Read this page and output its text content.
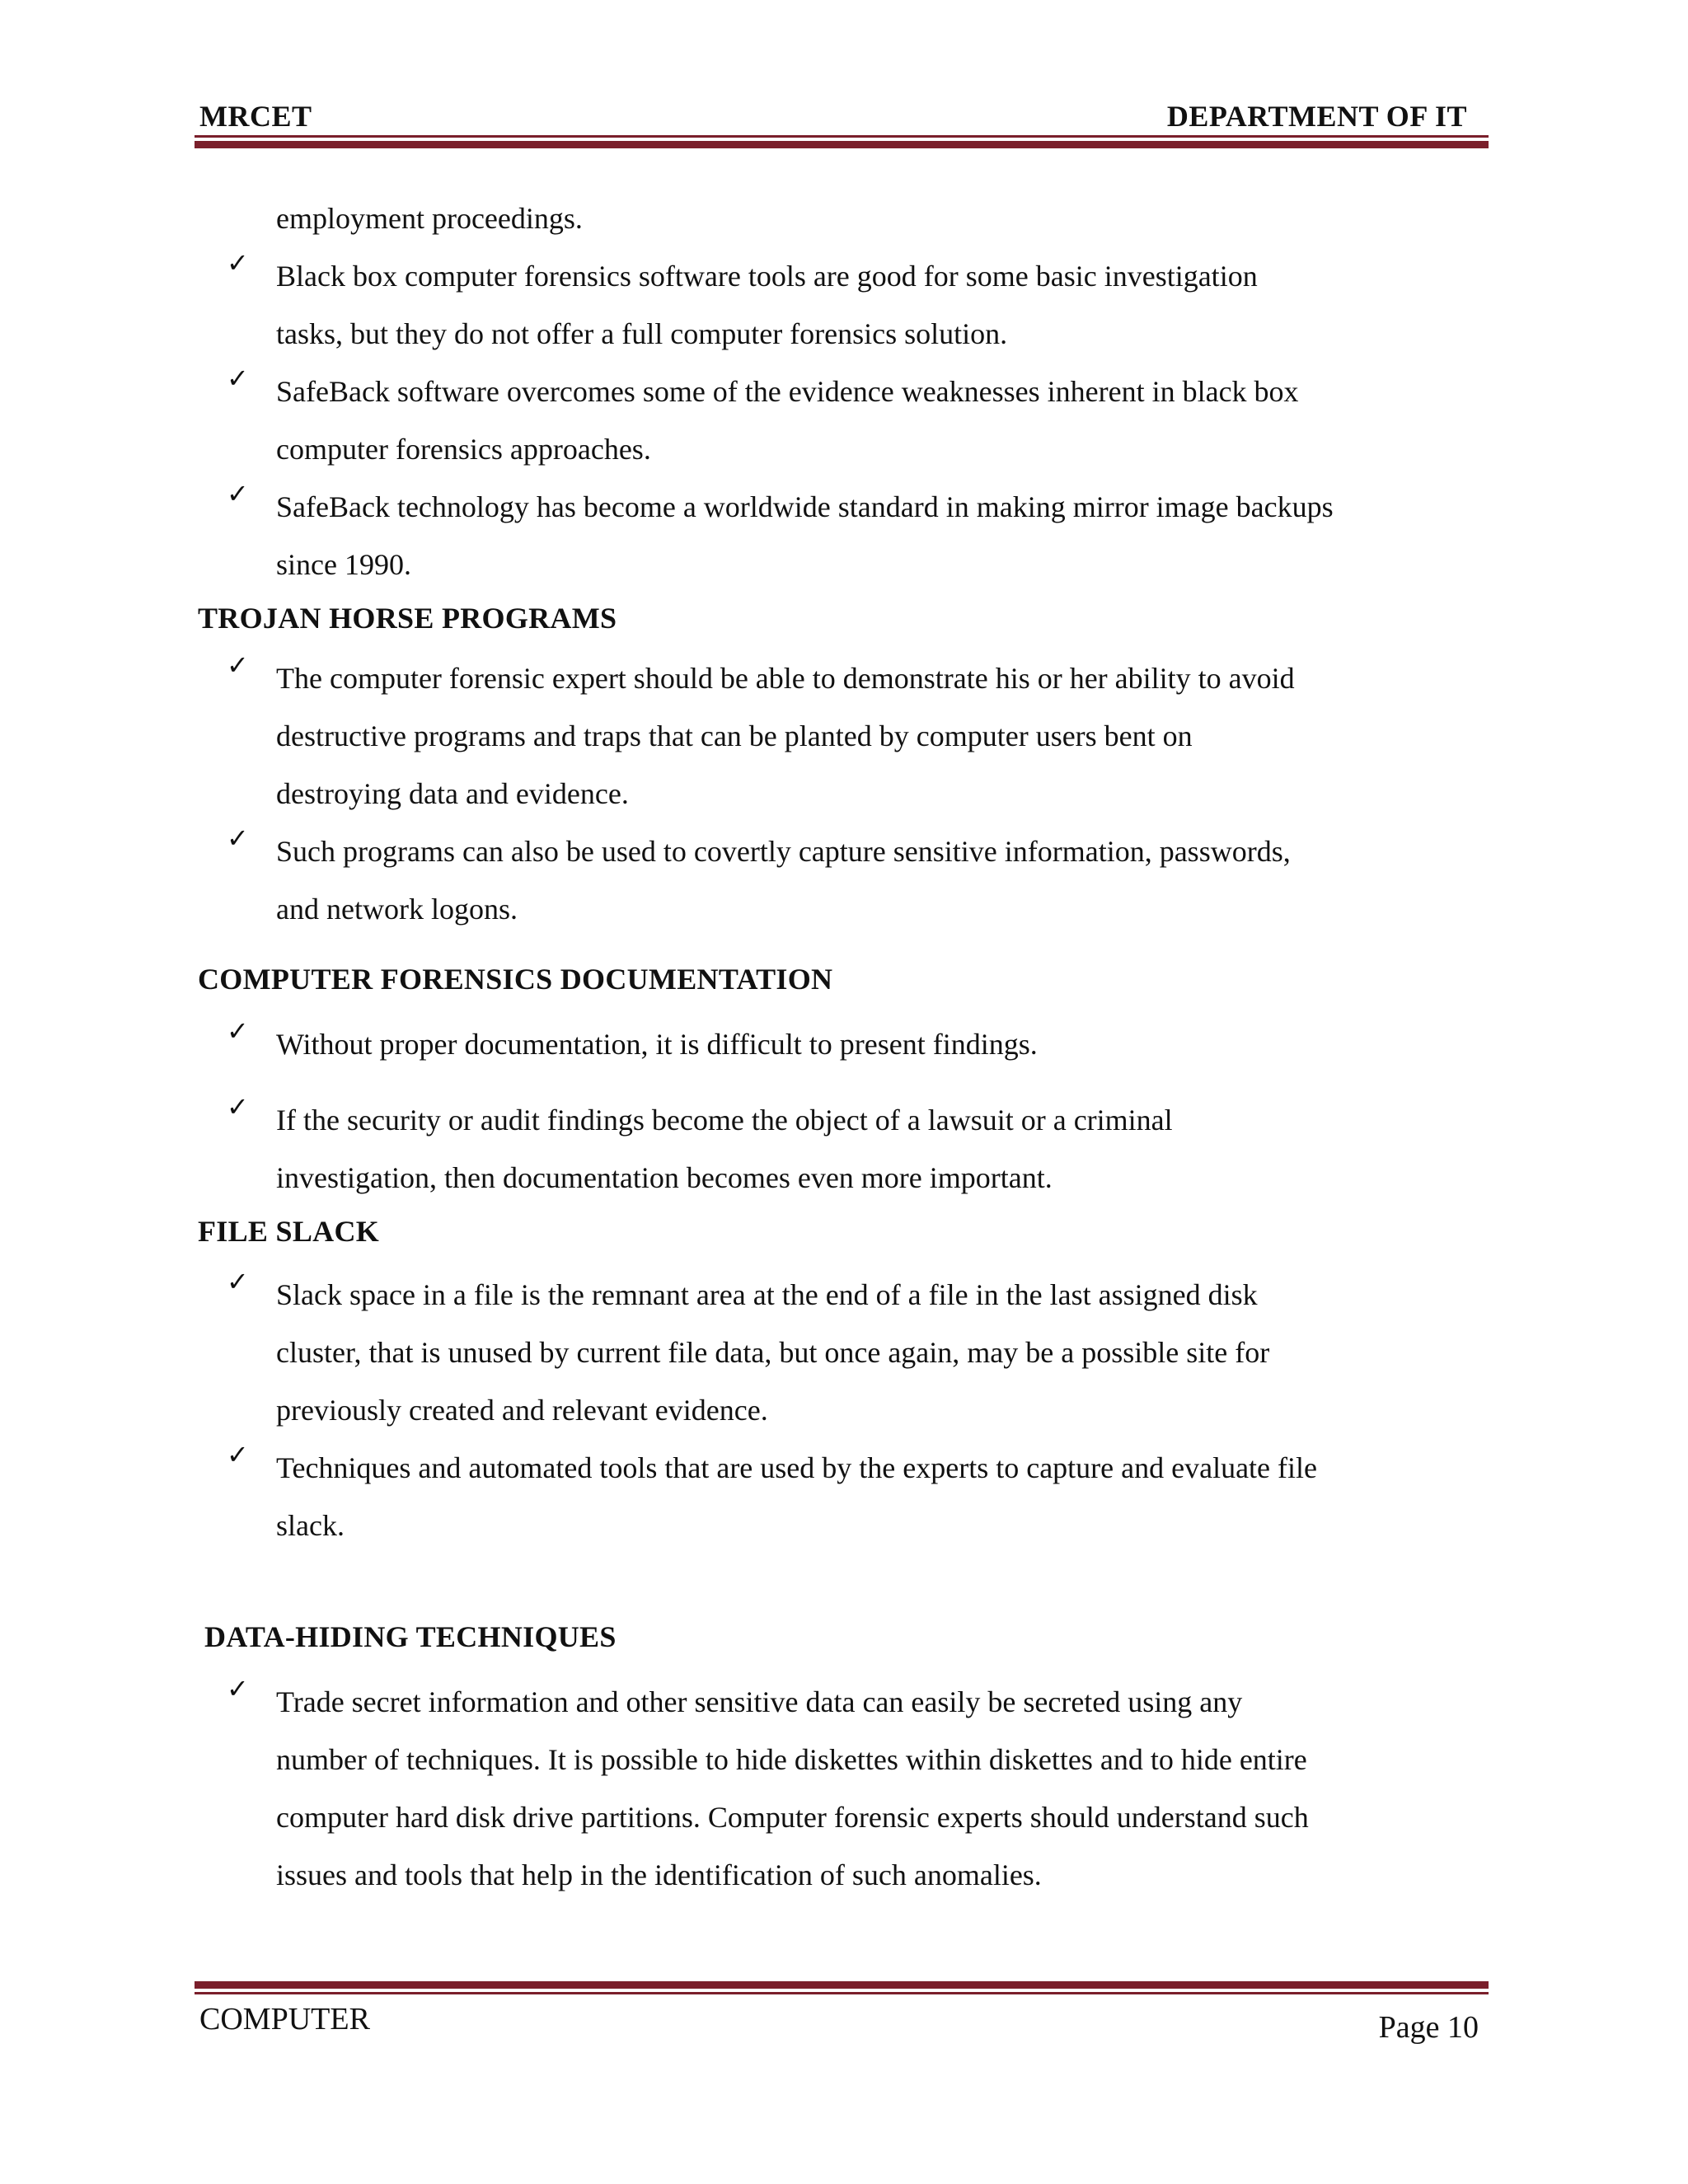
MRCET	DEPARTMENT OF IT
employment proceedings.
✓ Black box computer forensics software tools are good for some basic investigation
tasks, but they do not offer a full computer forensics solution.
✓ SafeBack software overcomes some of the evidence weaknesses inherent in black box
computer forensics approaches.
✓ SafeBack technology has become a worldwide standard in making mirror image backups
since 1990.
TROJAN HORSE PROGRAMS
✓ The computer forensic expert should be able to demonstrate his or her ability to avoid
destructive programs and traps that can be planted by computer users bent on
destroying data and evidence.
✓ Such programs can also be used to covertly capture sensitive information, passwords,
and network logons.
COMPUTER FORENSICS DOCUMENTATION
✓ Without proper documentation, it is difficult to present findings.
✓ If the security or audit findings become the object of a lawsuit or a criminal
investigation, then documentation becomes even more important.
FILE SLACK
✓ Slack space in a file is the remnant area at the end of a file in the last assigned disk
cluster, that is unused by current file data, but once again, may be a possible site for
previously created and relevant evidence.
✓ Techniques and automated tools that are used by the experts to capture and evaluate file
slack.
DATA-HIDING TECHNIQUES
✓ Trade secret information and other sensitive data can easily be secreted using any
number of techniques. It is possible to hide diskettes within diskettes and to hide entire
computer hard disk drive partitions. Computer forensic experts should understand such
issues and tools that help in the identification of such anomalies.
COMPUTER	Page 10
